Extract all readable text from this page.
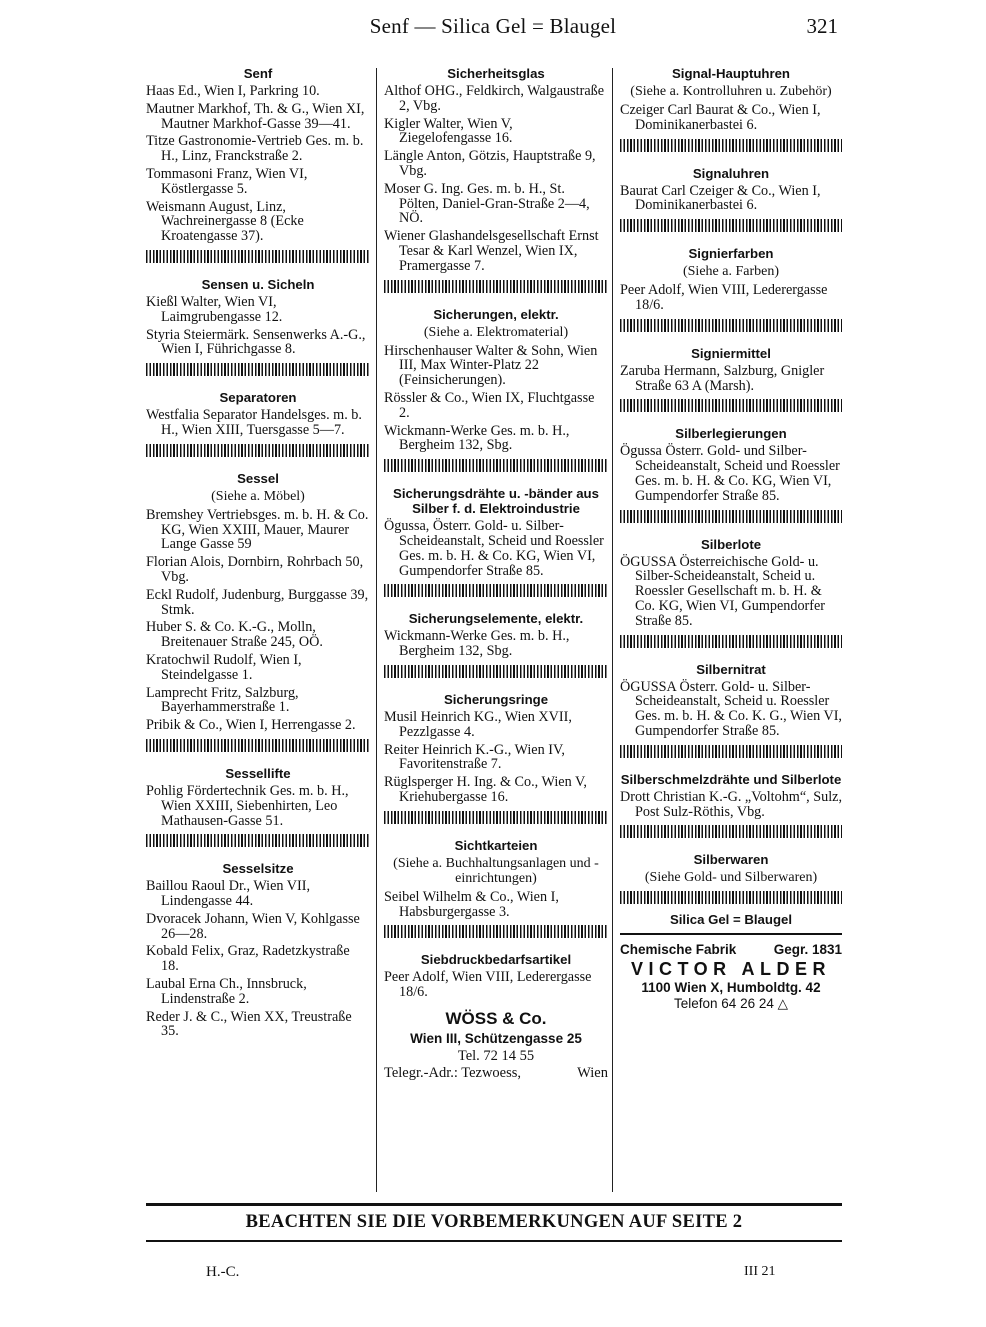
Senf — Silica Gel = Blaugel	321
Senf
Haas Ed., Wien I, Parkring 10.
Mautner Markhof, Th. & G., Wien XI, Mautner Markhof-Gasse 39—41.
Titze Gastronomie-Vertrieb Ges. m. b. H., Linz, Franckstraße 2.
Tommasoni Franz, Wien VI, Köstlergasse 5.
Weismann August, Linz, Wachreinergasse 8 (Ecke Kroatengasse 37).
Sensen u. Sicheln
Kießl Walter, Wien VI, Laimgrubengasse 12.
Styria Steiermärk. Sensenwerks A.-G., Wien I, Führichgasse 8.
Separatoren
Westfalia Separator Handelsges. m. b. H., Wien XIII, Tuersgasse 5—7.
Sessel
(Siehe a. Möbel)
Bremshey Vertriebsges. m. b. H. & Co. KG, Wien XXIII, Mauer, Maurer Lange Gasse 59
Florian Alois, Dornbirn, Rohrbach 50, Vbg.
Eckl Rudolf, Judenburg, Burggasse 39, Stmk.
Huber S. & Co. K.-G., Molln, Breitenauer Straße 245, OÖ.
Kratochwil Rudolf, Wien I, Steindelgasse 1.
Lamprecht Fritz, Salzburg, Bayerhammerstraße 1.
Pribik & Co., Wien I, Herrengasse 2.
Sessellifte
Pohlig Fördertechnik Ges. m. b. H., Wien XXIII, Siebenhirten, Leo Mathausen-Gasse 51.
Sesselsitze
Baillou Raoul Dr., Wien VII, Lindengasse 44.
Dvoracek Johann, Wien V, Kohlgasse 26—28.
Kobald Felix, Graz, Radetzkystraße 18.
Laubal Erna Ch., Innsbruck, Lindenstraße 2.
Reder J. & C., Wien XX, Treustraße 35.
Sicherheitsglas
Althof OHG., Feldkirch, Walgaustraße 2, Vbg.
Kigler Walter, Wien V, Ziegelofengasse 16.
Längle Anton, Götzis, Hauptstraße 9, Vbg.
Moser G. Ing. Ges. m. b. H., St. Pölten, Daniel-Gran-Straße 2—4, NÖ.
Wiener Glashandelsgesellschaft Ernst Tesar & Karl Wenzel, Wien IX, Pramergasse 7.
Sicherungen, elektr.
(Siehe a. Elektromaterial)
Hirschenhauser Walter & Sohn, Wien III, Max Winter-Platz 22 (Feinsicherungen).
Rössler & Co., Wien IX, Fluchtgasse 2.
Wickmann-Werke Ges. m. b. H., Bergheim 132, Sbg.
Sicherungsdrähte u. -bänder aus Silber f. d. Elektroindustrie
Ögussa, Österr. Gold- u. Silber-Scheideanstalt, Scheid und Roessler Ges. m. b. H. & Co. KG, Wien VI, Gumpendorfer Straße 85.
Sicherungselemente, elektr.
Wickmann-Werke Ges. m. b. H., Bergheim 132, Sbg.
Sicherungsringe
Musil Heinrich KG., Wien XVII, Pezzlgasse 4.
Reiter Heinrich K.-G., Wien IV, Favoritenstraße 7.
Rüglsperger H. Ing. & Co., Wien V, Kriehubergasse 16.
Sichtkarteien
(Siehe a. Buchhaltungsanlagen und -einrichtungen)
Seibel Wilhelm & Co., Wien I, Habsburgergasse 3.
Siebdruckbedarfsartikel
Peer Adolf, Wien VIII, Lederergasse 18/6.
WÖSS & Co.
Wien III, Schützengasse 25
Tel. 72 14 55
Telegr.-Adr.: Tezwoess,	Wien
Signal-Hauptuhren
(Siehe a. Kontrolluhren u. Zubehör)
Czeiger Carl Baurat & Co., Wien I, Dominikanerbastei 6.
Signaluhren
Baurat Carl Czeiger & Co., Wien I, Dominikanerbastei 6.
Signierfarben
(Siehe a. Farben)
Peer Adolf, Wien VIII, Lederergasse 18/6.
Signiermittel
Zaruba Hermann, Salzburg, Gnigler Straße 63 A (Marsh).
Silberlegierungen
Ögussa Österr. Gold- und Silber-Scheideanstalt, Scheid und Roessler Ges. m. b. H. & Co. KG, Wien VI, Gumpendorfer Straße 85.
Silberlote
ÖGUSSA Österreichische Gold- u. Silber-Scheideanstalt, Scheid u. Roessler Gesellschaft m. b. H. & Co. KG, Wien VI, Gumpendorfer Straße 85.
Silbernitrat
ÖGUSSA Österr. Gold- u. Silber-Scheideanstalt, Scheid u. Roessler Ges. m. b. H. & Co. K. G., Wien VI, Gumpendorfer Straße 85.
Silberschmelzdrähte und Silberlote
Drott Christian K.-G. „Voltohm“, Sulz, Post Sulz-Röthis, Vbg.
Silberwaren
(Siehe Gold- und Silberwaren)
Silica Gel = Blaugel
Chemische Fabrik	Gegr. 1831
VICTOR ALDER
1100 Wien X, Humboldtg. 42
Telefon 64 26 24 △
BEACHTEN SIE DIE VORBEMERKUNGEN AUF SEITE 2
H.-C.	III 21
